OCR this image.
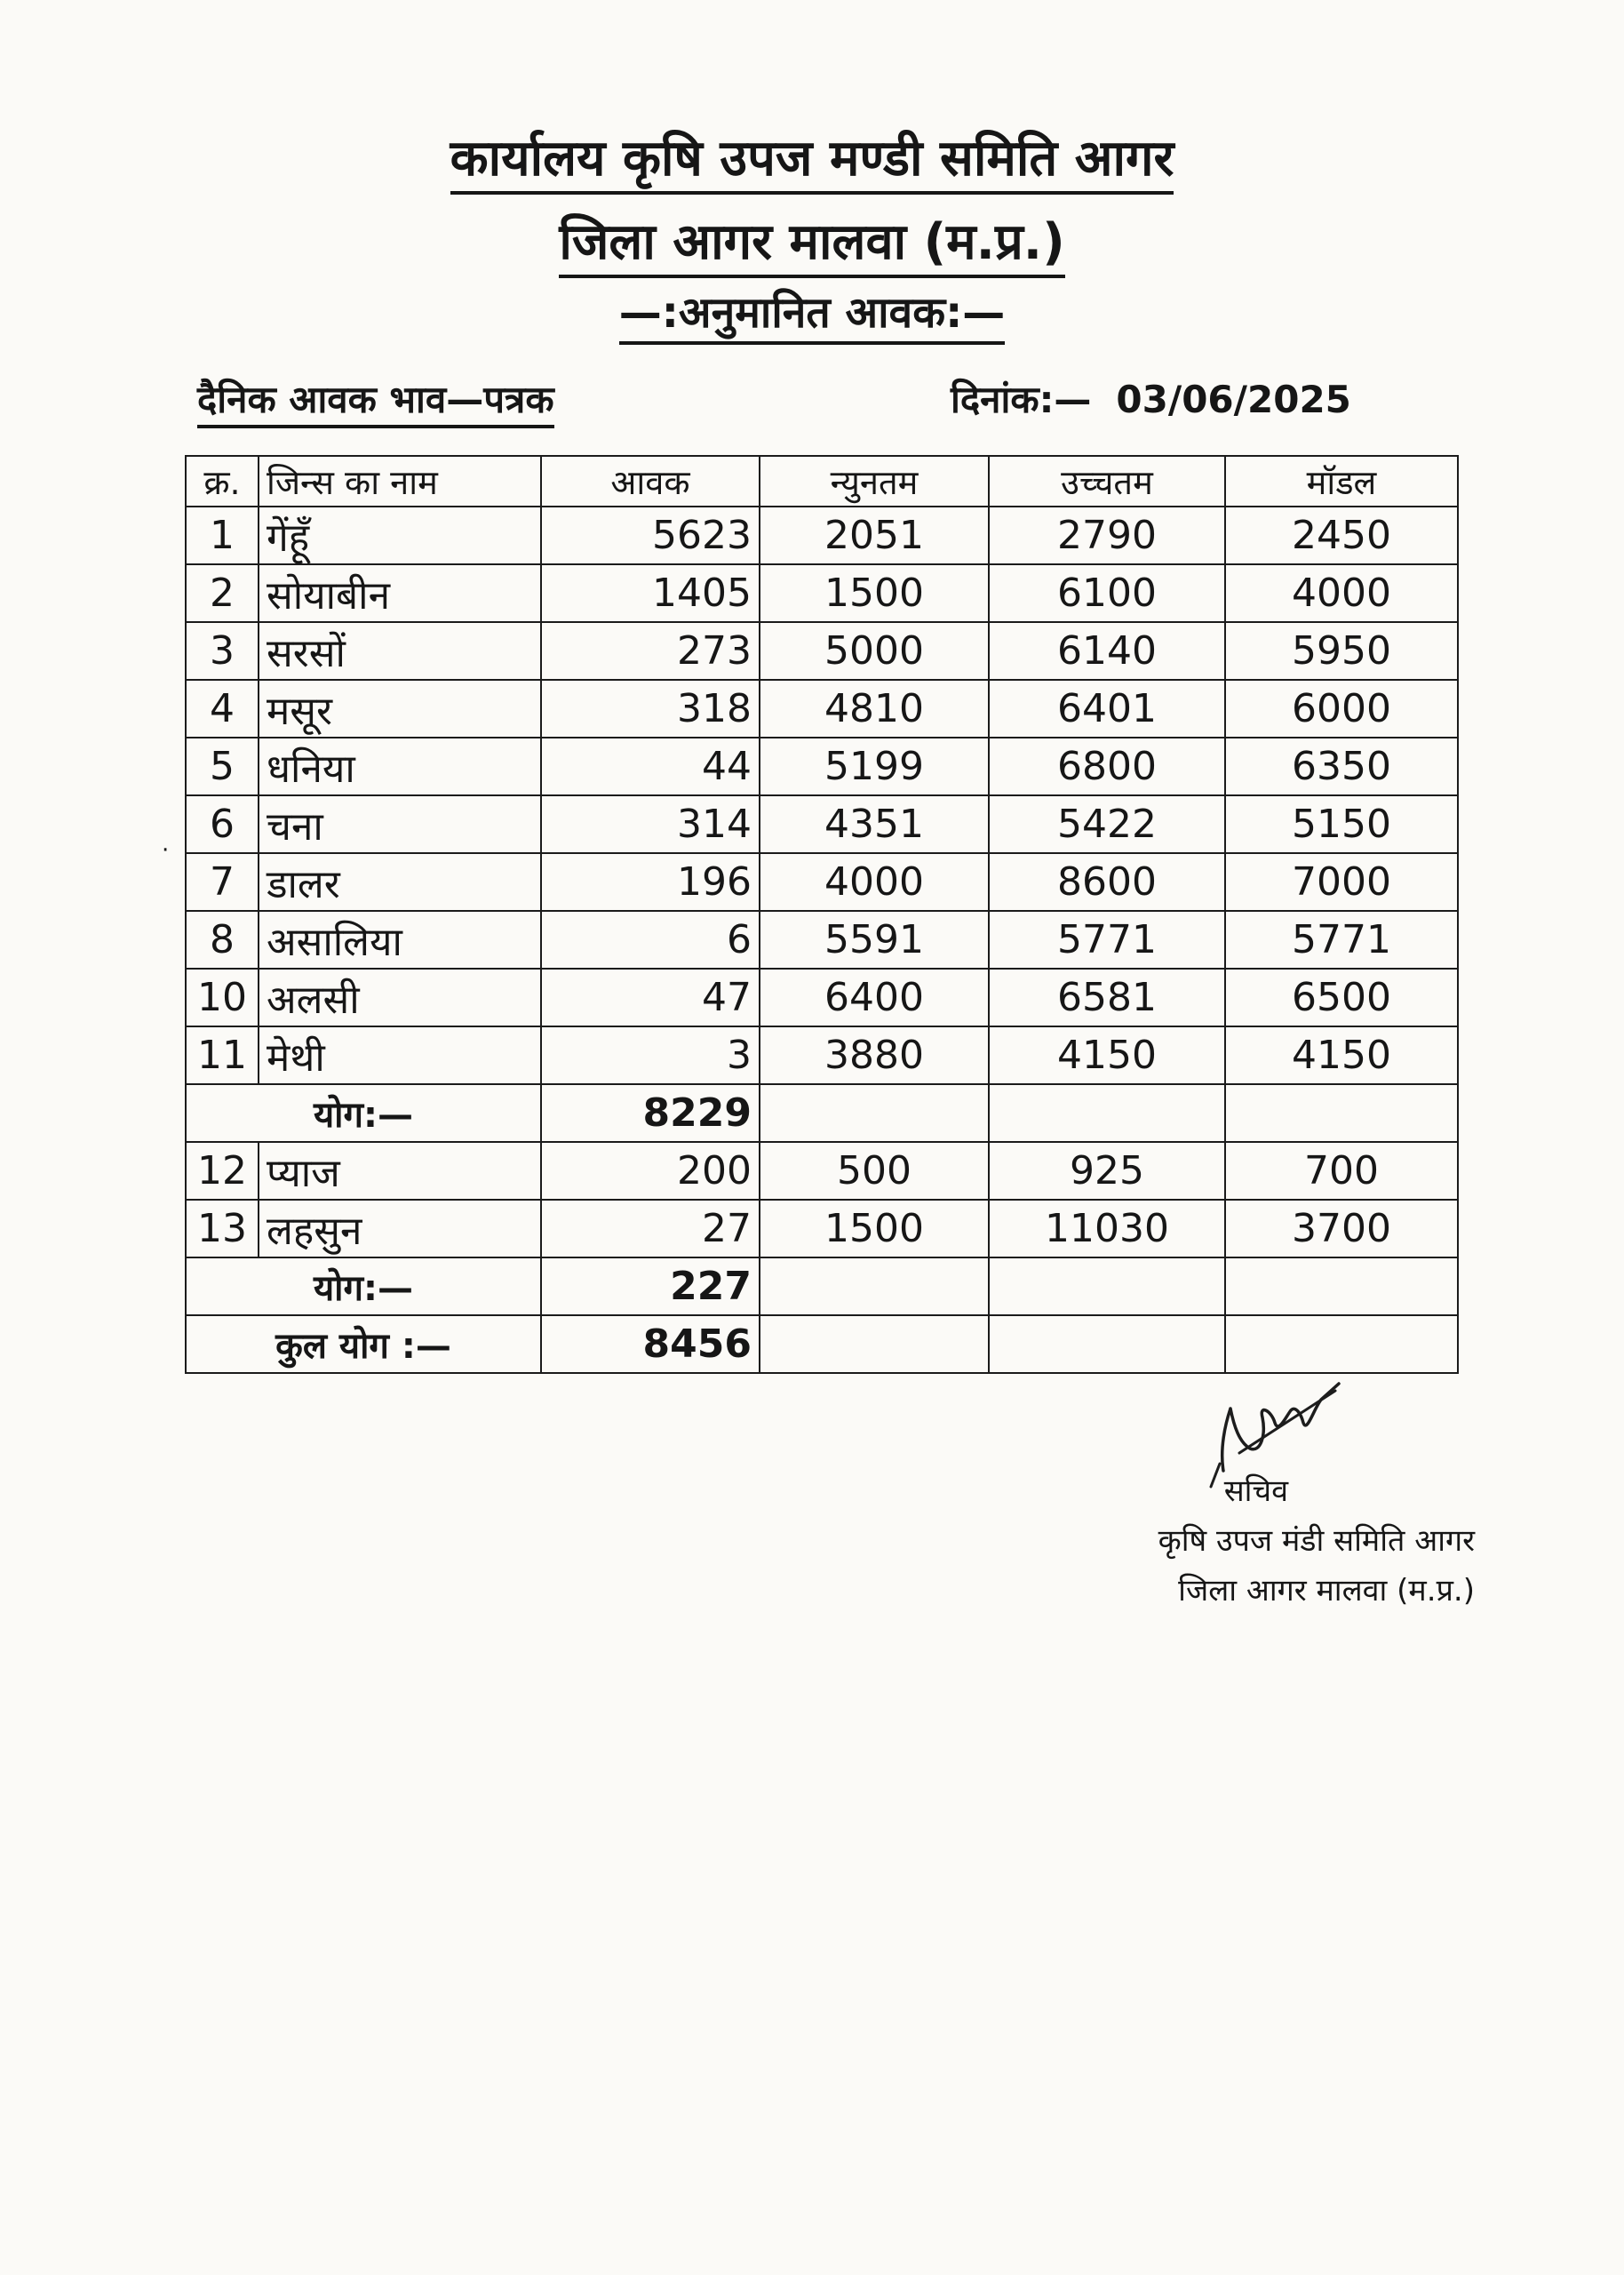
कार्यालय कृषि उपज मण्डी समिति आगर
जिला आगर मालवा (म.प्र.)
—:अनुमानित आवक:—
दैनिक आवक भाव—पत्रक	दिनांक:— 03/06/2025
·
क्र.	जिन्स का नाम	आवक	न्युनतम	उच्चतम	मॉडल
1	गेंहूँ	5623	2051	2790	2450
2	सोयाबीन	1405	1500	6100	4000
3	सरसों	273	5000	6140	5950
4	मसूर	318	4810	6401	6000
5	धनिया	44	5199	6800	6350
6	चना	314	4351	5422	5150
7	डालर	196	4000	8600	7000
8	असालिया	6	5591	5771	5771
10	अलसी	47	6400	6581	6500
11	मेथी	3	3880	4150	4150
योग:—		8229			
12	प्याज	200	500	925	700
13	लहसुन	27	1500	11030	3700
योग:—		227			
कुल योग :—		8456			
सचिव
कृषि उपज मंडी समिति आगर
जिला आगर मालवा (म.प्र.)
